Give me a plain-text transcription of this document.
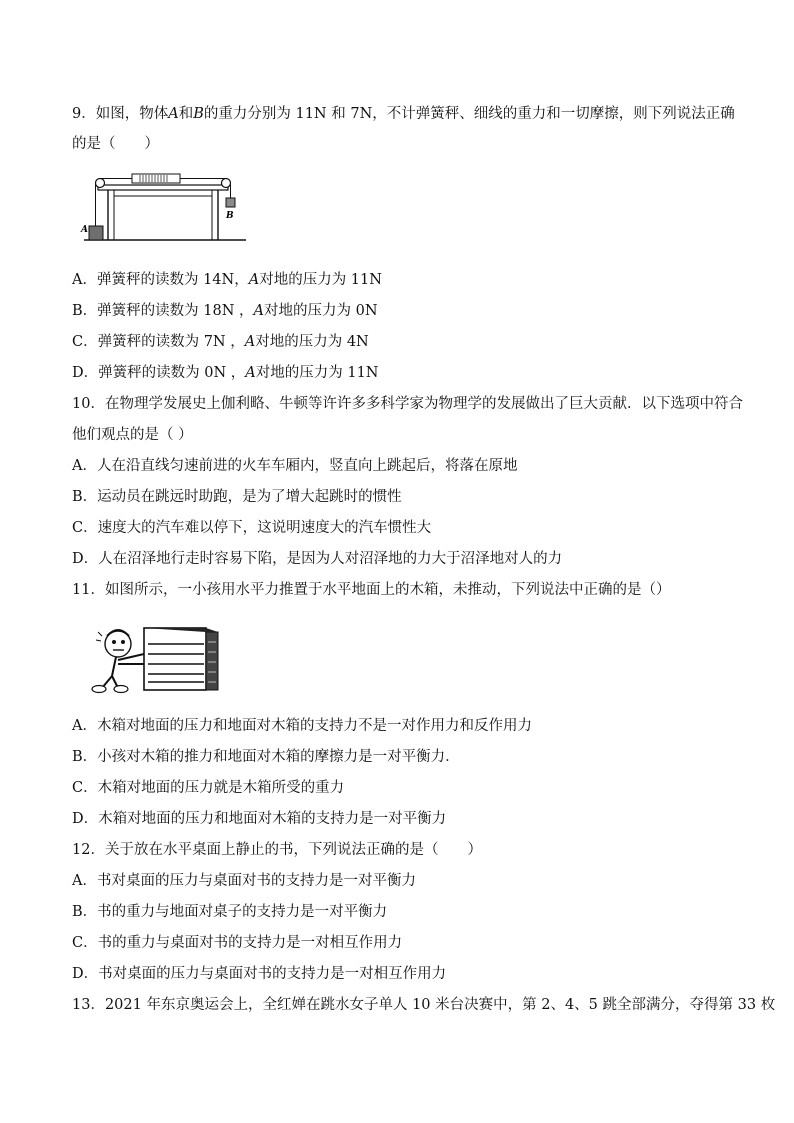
9．如图，物体A和B的重力分别为 11N 和 7N，不计弹簧秤、细线的重力和一切摩擦，则下列说法正确
的是（　　）
A
B
A．弹簧秤的读数为 14N，A对地的压力为 11N
B．弹簧秤的读数为 18N ，A对地的压力为 0N
C．弹簧秤的读数为 7N ，A对地的压力为 4N
D．弹簧秤的读数为 0N ，A对地的压力为 11N
10．在物理学发展史上伽利略、牛顿等许许多多科学家为物理学的发展做出了巨大贡献．以下选项中符合
他们观点的是（ ）
A．人在沿直线匀速前进的火车车厢内，竖直向上跳起后，将落在原地
B．运动员在跳远时助跑，是为了增大起跳时的惯性
C．速度大的汽车难以停下，这说明速度大的汽车惯性大
D．人在沼泽地行走时容易下陷，是因为人对沼泽地的力大于沼泽地对人的力
11．如图所示，一小孩用水平力推置于水平地面上的木箱，未推动，下列说法中正确的是（）
A．木箱对地面的压力和地面对木箱的支持力不是一对作用力和反作用力
B．小孩对木箱的推力和地面对木箱的摩擦力是一对平衡力．
C．木箱对地面的压力就是木箱所受的重力
D．木箱对地面的压力和地面对木箱的支持力是一对平衡力
12．关于放在水平桌面上静止的书，下列说法正确的是（　　）
A．书对桌面的压力与桌面对书的支持力是一对平衡力
B．书的重力与地面对桌子的支持力是一对平衡力
C．书的重力与桌面对书的支持力是一对相互作用力
D．书对桌面的压力与桌面对书的支持力是一对相互作用力
13．2021 年东京奥运会上，全红婵在跳水女子单人 10 米台决赛中，第 2、4、5 跳全部满分，夺得第 33 枚
